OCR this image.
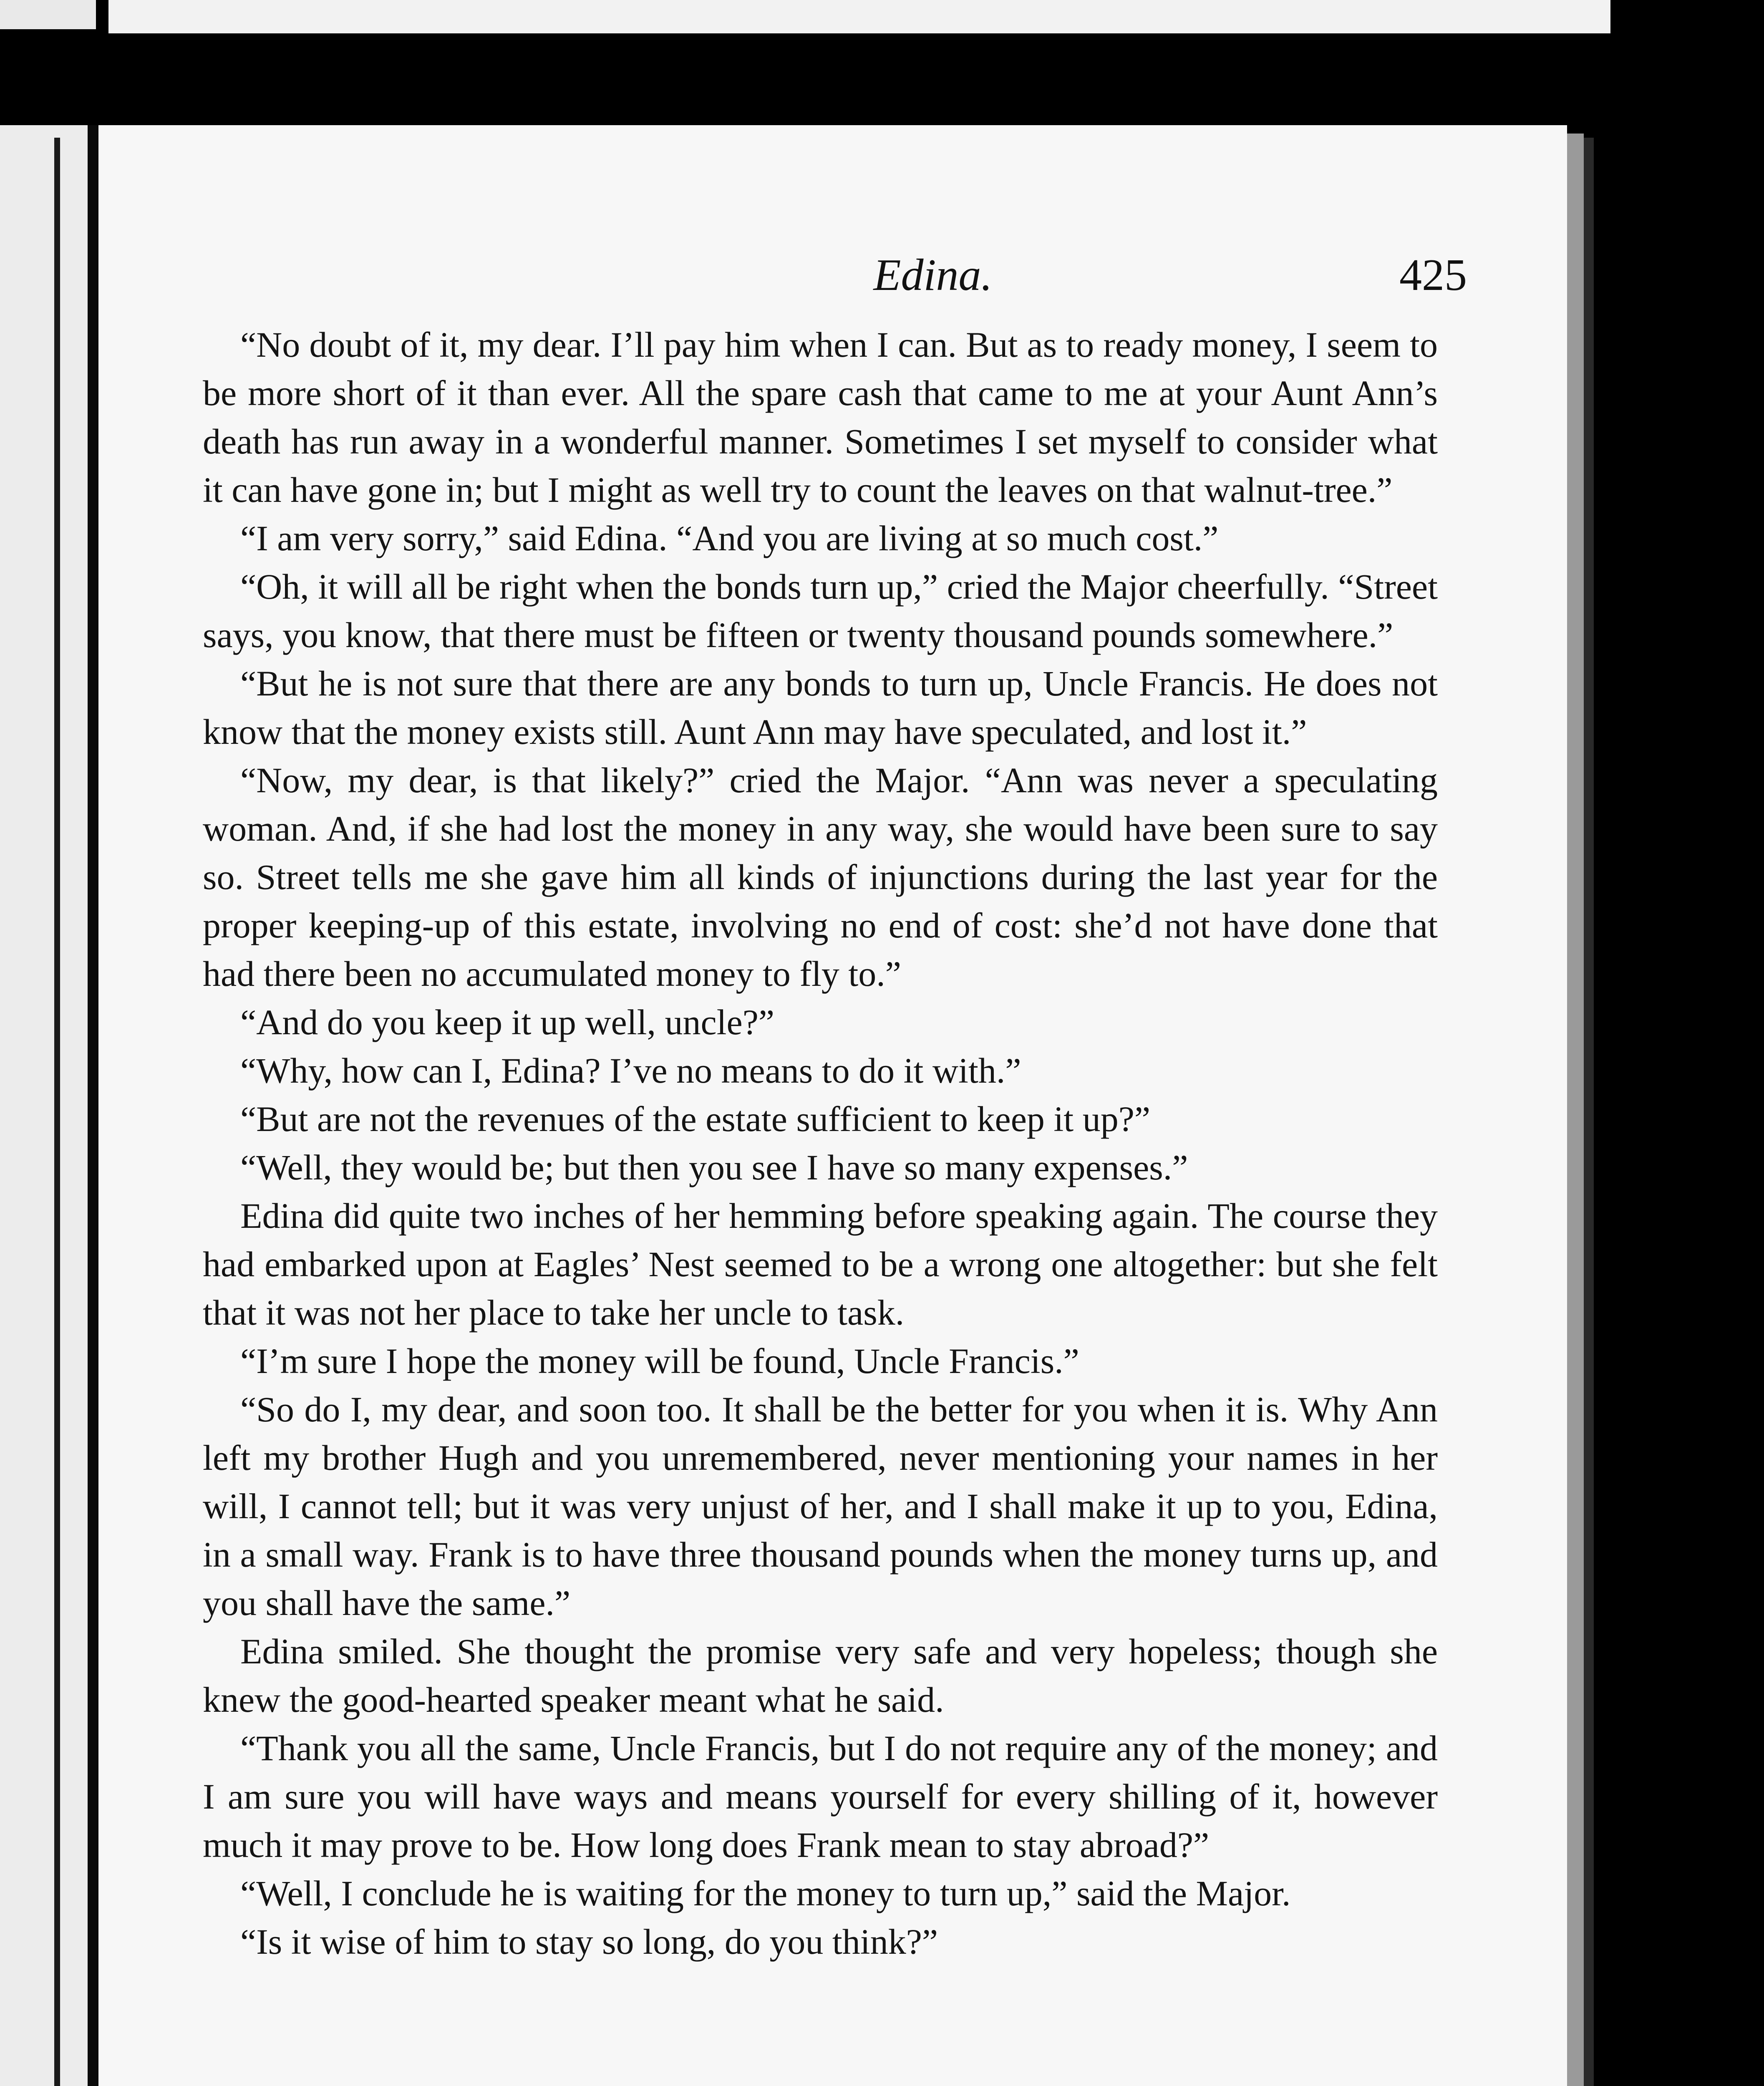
Edina.	425

“No doubt of it, my dear. I’ll pay him when I can. But as to ready money, I seem to be more short of it than ever. All the spare cash that came to me at your Aunt Ann’s death has run away in a wonderful manner. Sometimes I set myself to consider what it can have gone in; but I might as well try to count the leaves on that walnut-tree.”

“I am very sorry,” said Edina. “And you are living at so much cost.”

“Oh, it will all be right when the bonds turn up,” cried the Major cheerfully. “Street says, you know, that there must be fifteen or twenty thousand pounds somewhere.”

“But he is not sure that there are any bonds to turn up, Uncle Francis. He does not know that the money exists still. Aunt Ann may have speculated, and lost it.”

“Now, my dear, is that likely?” cried the Major. “Ann was never a speculating woman. And, if she had lost the money in any way, she would have been sure to say so. Street tells me she gave him all kinds of injunctions during the last year for the proper keeping-up of this estate, involving no end of cost: she’d not have done that had there been no accumulated money to fly to.”

“And do you keep it up well, uncle?”

“Why, how can I, Edina? I’ve no means to do it with.”

“But are not the revenues of the estate sufficient to keep it up?”

“Well, they would be; but then you see I have so many expenses.”

Edina did quite two inches of her hemming before speaking again. The course they had embarked upon at Eagles’ Nest seemed to be a wrong one altogether: but she felt that it was not her place to take her uncle to task.

“I’m sure I hope the money will be found, Uncle Francis.”

“So do I, my dear, and soon too. It shall be the better for you when it is. Why Ann left my brother Hugh and you unremembered, never mentioning your names in her will, I cannot tell; but it was very unjust of her, and I shall make it up to you, Edina, in a small way. Frank is to have three thousand pounds when the money turns up, and you shall have the same.”

Edina smiled. She thought the promise very safe and very hopeless; though she knew the good-hearted speaker meant what he said.

“Thank you all the same, Uncle Francis, but I do not require any of the money; and I am sure you will have ways and means yourself for every shilling of it, however much it may prove to be. How long does Frank mean to stay abroad?”

“Well, I conclude he is waiting for the money to turn up,” said the Major.

“Is it wise of him to stay so long, do you think?”
